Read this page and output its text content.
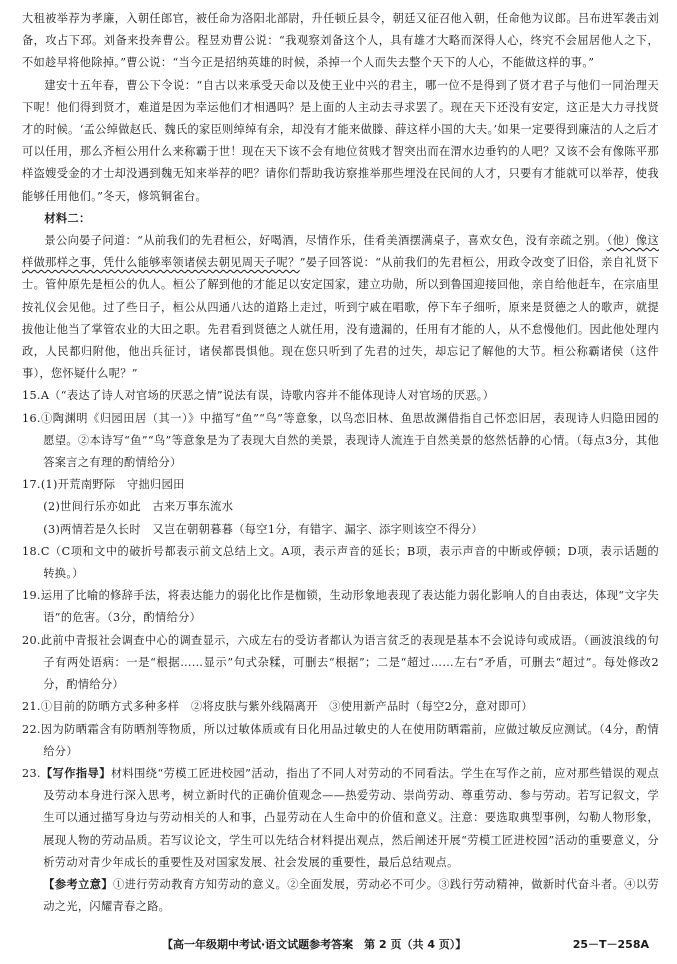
大租被举荐为孝廉，入朝任郎官，被任命为洛阳北部尉，升任顿丘县令，朝廷又征召他入朝，任命他为议郎。吕布进军袭击刘备，攻占下邳。刘备来投奔曹公。程昱劝曹公说：“我观察刘备这个人，具有雄才大略而深得人心，终究不会屈居他人之下，不如趁早将他除掉。”曹公说：“当今正是招纳英雄的时候，杀掉一个人而失去整个天下的人心，不能做这样的事。”

建安十五年春，曹公下令说：“自古以来承受天命以及使王业中兴的君主，哪一位不是得到了贤才君子与他们一同治理天下呢！他们得到贤才，难道是因为幸运他们才相遇吗？是上面的人主动去寻求罢了。现在天下还没有安定，这正是大力寻找贤才的时候。‘孟公绰做赵氏、魏氏的家臣则绰绰有余，却没有才能来做滕、薛这样小国的大夫。’如果一定要得到廉洁的人之后才可以任用，那么齐桓公用什么来称霸于世！现在天下该不会有地位贫贱才智突出而在渭水边垂钓的人吧？又该不会有像陈平那样盗嫂受金的才士却没遇到魏无知来举荐的吧？请你们帮助我访察推举那些埋没在民间的人才，只要有才能就可以举荐，使我能够任用他们。”冬天，修筑铜雀台。

材料二：

景公向晏子问道：“从前我们的先君桓公，好喝酒，尽情作乐，佳肴美酒摆满桌子，喜欢女色，没有亲疏之别。（他）像这样做那样之事，凭什么能够率领诸侯去朝见周天子呢？”晏子回答说：“从前我们的先君桓公，用政令改变了旧俗，亲自礼贤下士。管仲原先是桓公的仇人。桓公了解到他的才能足以安定国家，建立功勋，所以到鲁国迎接回他，亲自给他赶车，在宗庙里按礼仪会见他。过了些日子，桓公从四通八达的道路上走过，听到宁戚在唱歌，停下车子细听，原来是贤德之人的歌声，就提拔他让他当了掌管农业的大田之职。先君看到贤德之人就任用，没有遗漏的，任用有才能的人，从不怠慢他们。因此他处理内政，人民都归附他，他出兵征讨，诸侯都畏惧他。现在您只听到了先君的过失，却忘记了解他的大节。桓公称霸诸侯（这件事），您怀疑什么呢？”

15.A（“表达了诗人对官场的厌恶之情”说法有误，诗歌内容并不能体现诗人对官场的厌恶。）

16.①陶渊明《归园田居（其一）》中描写“鱼”“鸟”等意象，以鸟恋旧林、鱼思故渊借指自己怀恋旧居，表现诗人归隐田园的愿望。②本诗写“鱼”“鸟”等意象是为了表现大自然的美景，表现诗人流连于自然美景的悠然恬静的心情。（每点3分，其他答案言之有理的酌情给分）

17.(1)开荒南野际　守拙归园田

(2)世间行乐亦如此　古来万事东流水

(3)两情若是久长时　又岂在朝朝暮暮（每空1分，有错字、漏字、添字则该空不得分）

18.C（C项和文中的破折号都表示前文总结上文。A项，表示声音的延长；B项，表示声音的中断或停顿；D项，表示话题的转换。）

19.运用了比喻的修辞手法，将表达能力的弱化比作是枷锁，生动形象地表现了表达能力弱化影响人的自由表达，体现“文字失语”的危害。（3分，酌情给分）

20.此前中青报社会调查中心的调查显示，六成左右的受访者都认为语言贫乏的表现是基本不会说诗句或成语。（画波浪线的句子有两处语病：一是“根据……显示”句式杂糅，可删去“根据”；二是“超过……左右”矛盾，可删去“超过”。每处修改2分，酌情给分）

21.①目前的防晒方式多种多样　②将皮肤与紫外线隔离开　③使用新产品时（每空2分，意对即可）

22.因为防晒霜含有防晒剂等物质，所以过敏体质或有日化用品过敏史的人在使用防晒霜前，应做过敏反应测试。（4分，酌情给分）

23.【写作指导】材料围绕“劳模工匠进校园”活动，指出了不同人对劳动的不同看法。学生在写作之前，应对那些错误的观点及劳动本身进行深入思考，树立新时代的正确价值观念——热爱劳动、崇尚劳动、尊重劳动、参与劳动。若写记叙文，学生可以通过描写身边与劳动相关的人和事，凸显劳动在人生命中的价值和意义。注意：要选取典型事例，勾勒人物形象，展现人物的劳动品质。若写议论文，学生可以先结合材料提出观点，然后阐述开展“劳模工匠进校园”活动的重要意义，分析劳动对青少年成长的重要性及对国家发展、社会发展的重要性，最后总结观点。

【参考立意】①进行劳动教育方知劳动的意义。②全面发展，劳动必不可少。③践行劳动精神，做新时代奋斗者。④以劳动之光，闪耀青春之路。

【高一年级期中考试·语文试题参考答案　第 2 页（共 4 页）】	25－T－258A
